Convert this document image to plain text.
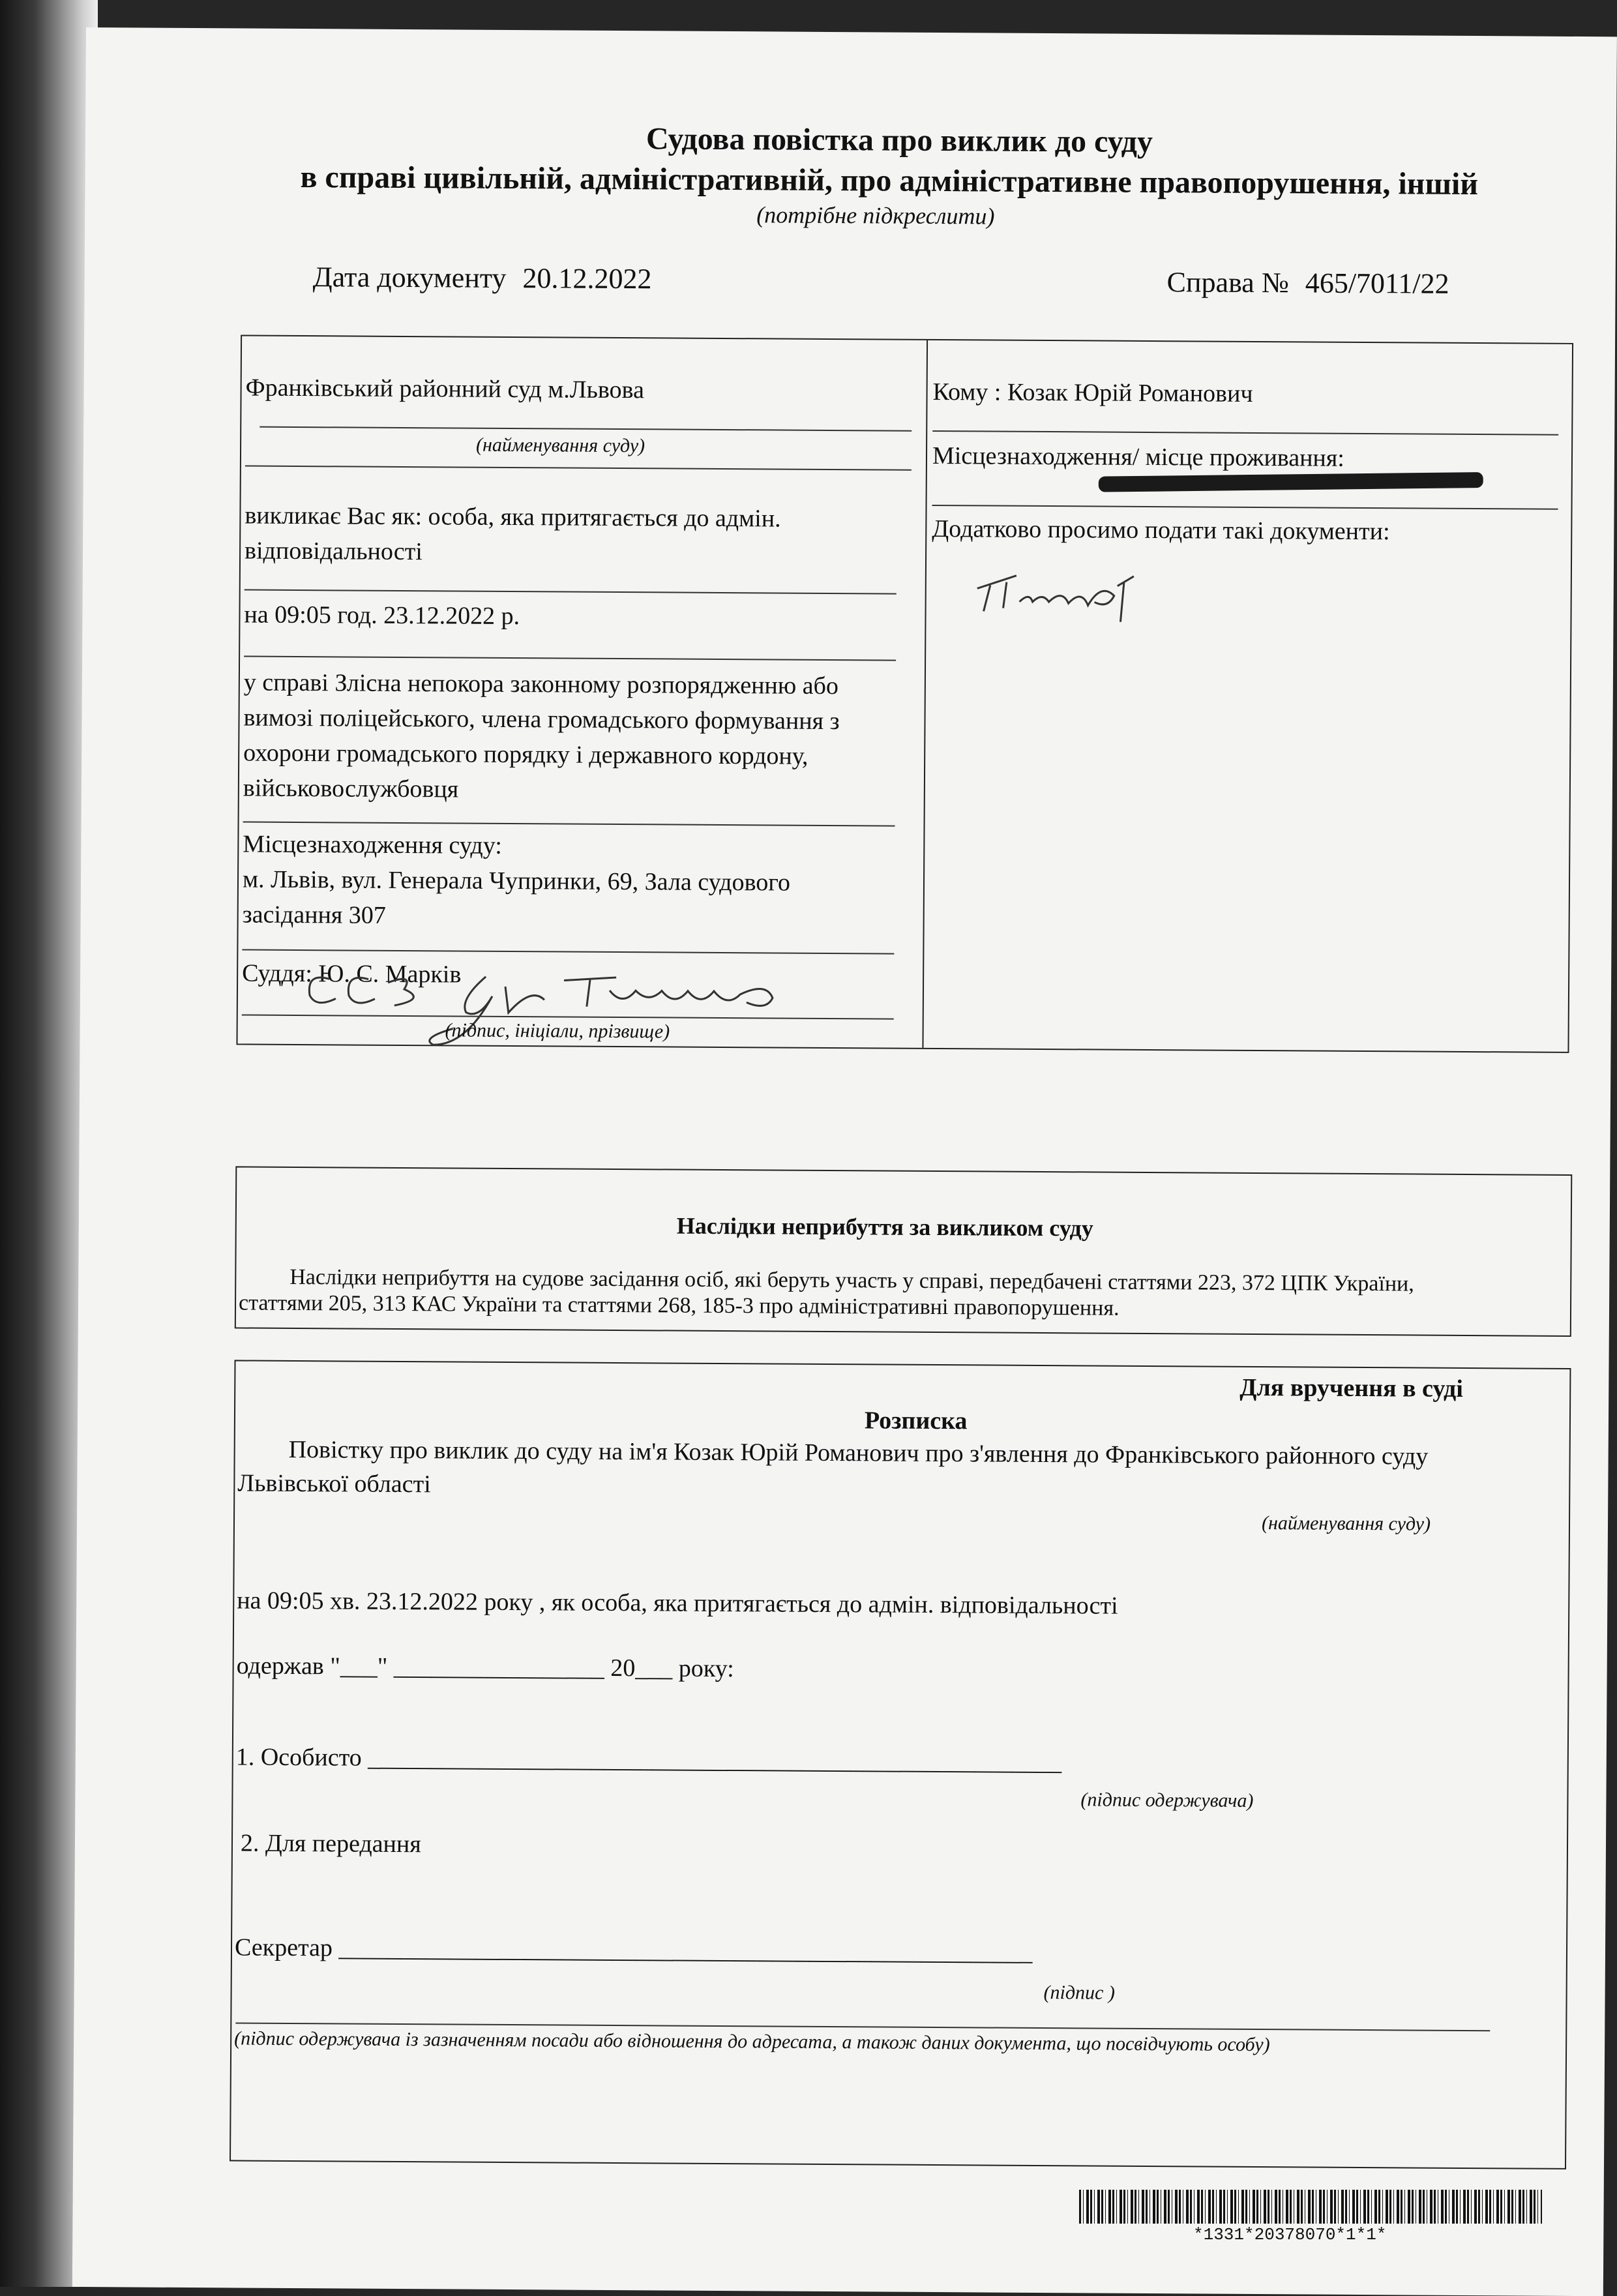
Судова повістка про виклик до суду
в справі цивільній, адміністративній, про адміністративне правопорушення, іншій
(потрібне підкреслити)
Дата документу 20.12.2022	Справа № 465/7011/22
Франківський районний суд м.Львова
(найменування суду)
викликає Вас як: особа, яка притягається до адмін.
відповідальності
на 09:05 год. 23.12.2022 р.
у справі Злісна непокора законному розпорядженню або
вимозі поліцейського, члена громадського формування з
охорони громадського порядку і державного кордону,
військовослужбовця
Місцезнаходження суду:
м. Львів, вул. Генерала Чупринки, 69, Зала судового
засідання 307
Суддя: Ю. С. Марків
(підпис, ініціали, прізвище)
Кому : Козак Юрій Романович
Місцезнаходження/ місце проживання:
Додатково просимо подати такі документи:
Наслідки неприбуття за викликом суду
Наслідки неприбуття на судове засідання осіб, які беруть участь у справі, передбачені статтями 223, 372 ЦПК України,
статтями 205, 313 КАС України та статтями 268, 185-3 про адміністративні правопорушення.
Для вручення в суді
Розписка
Повістку про виклик до суду на ім'я Козак Юрій Романович про з'явлення до Франківського районного суду
Львівської області
(найменування суду)
на 09:05 хв. 23.12.2022 року , як особа, яка притягається до адмін. відповідальності
одержав "___" _________________ 20___ року:
1. Особисто ________________________________________________________
(підпис одержувача)
2. Для передання
Секретар ________________________________________________________
(підпис )
(підпис одержувача із зазначенням посади або відношення до адресата, а також даних документа, що посвідчують особу)
*1331*20378070*1*1*
